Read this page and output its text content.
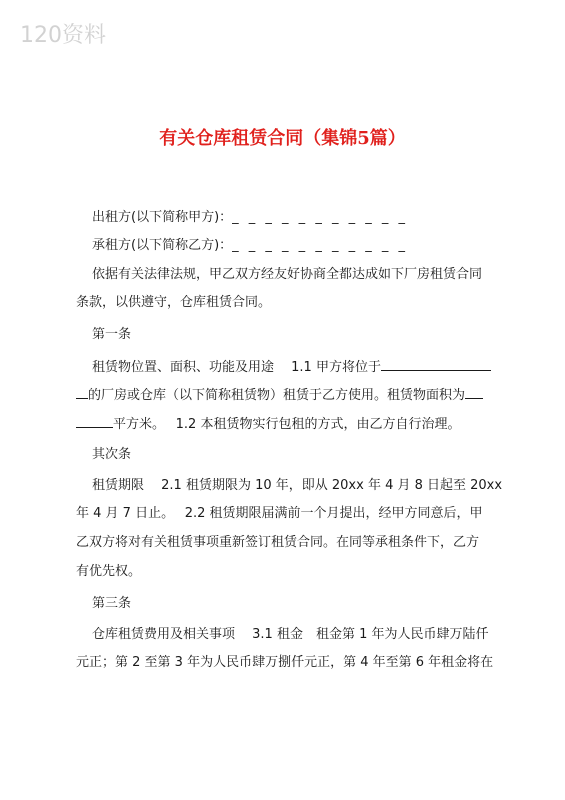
120资料
有关仓库租赁合同（集锦5篇）
出租方(以下简称甲方)：_ _ _ _ _ _ _ _ _ _ _
承租方(以下简称乙方)：_ _ _ _ _ _ _ _ _ _ _
依据有关法律法规，甲乙双方经友好协商全都达成如下厂房租赁合同
条款，以供遵守，仓库租赁合同。
第一条
租赁物位置、面积、功能及用途　 1.1 甲方将位于
的厂房或仓库（以下简称租赁物）租赁于乙方使用。租赁物面积为
平方米。　 1.2 本租赁物实行包租的方式，由乙方自行治理。
其次条
租赁期限　 2.1 租赁期限为 10 年，即从 20xx 年 4 月 8 日起至 20xx
年 4 月 7 日止。　 2.2 租赁期限届满前一个月提出，经甲方同意后，甲
乙双方将对有关租赁事项重新签订租赁合同。在同等承租条件下，乙方
有优先权。
第三条
仓库租赁费用及相关事项　 3.1 租金　租金第 1 年为人民币肆万陆仟
元正；第 2 至第 3 年为人民币肆万捌仟元正，第 4 年至第 6 年租金将在
